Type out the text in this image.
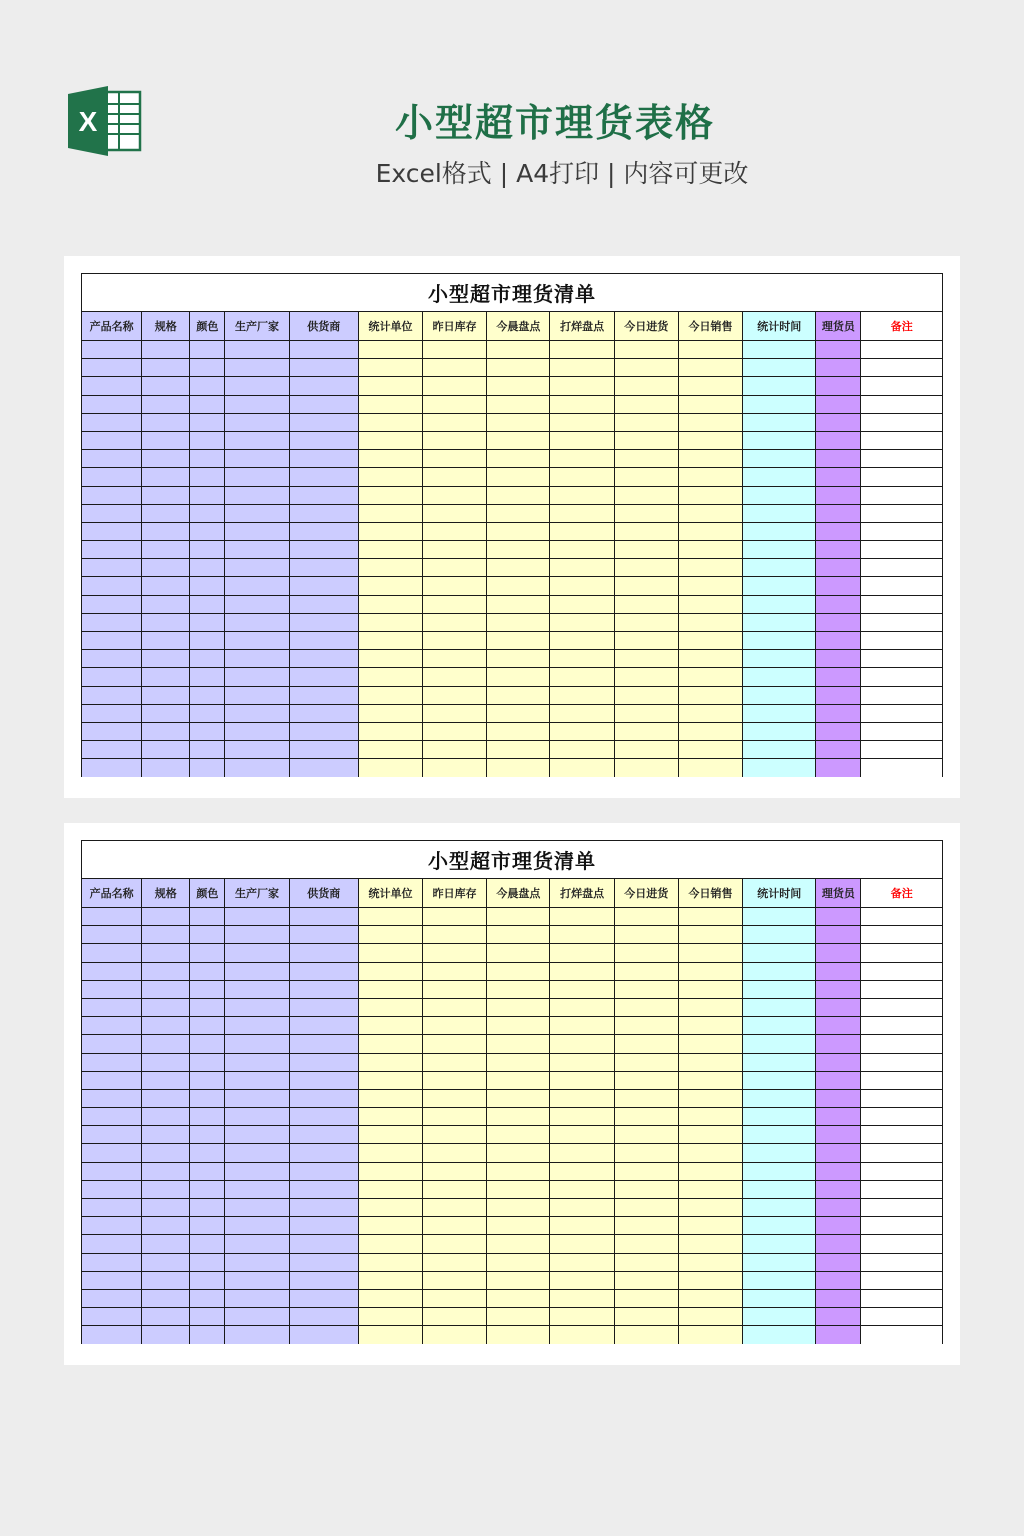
X	小型超市理货表格
Excel格式 | A4打印 | 内容可更改
小型超市理货清单													
产品名称	规格	颜色	生产厂家	供货商	统计单位	昨日库存	今晨盘点	打烊盘点	今日进货	今日销售	统计时间	理货员	备注

小型超市理货清单													
产品名称	规格	颜色	生产厂家	供货商	统计单位	昨日库存	今晨盘点	打烊盘点	今日进货	今日销售	统计时间	理货员	备注
